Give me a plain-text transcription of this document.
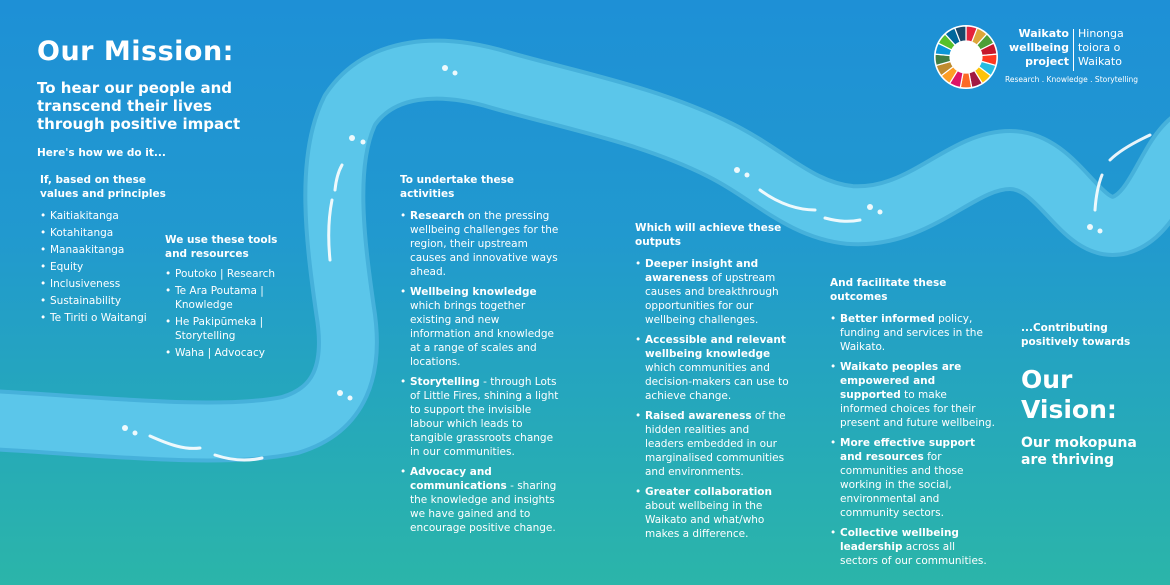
Our Mission:
To hear our people and transcend their lives through positive impact
Here's how we do it...
If, based on these values and principles
• Kaitiakitanga
• Kotahitanga
• Manaakitanga
• Equity
• Inclusiveness
• Sustainability
• Te Tiriti o Waitangi
We use these tools and resources
• Poutoko | Research
• Te Ara Poutama | Knowledge
• He Pakipūmeka | Storytelling
• Waha | Advocacy
To undertake these activities
• Research on the pressing wellbeing challenges for the region, their upstream causes and innovative ways ahead.
• Wellbeing knowledge which brings together existing and new information and knowledge at a range of scales and locations.
• Storytelling - through Lots of Little Fires, shining a light to support the invisible labour which leads to tangible grassroots change in our communities.
• Advocacy and communications - sharing the knowledge and insights we have gained and to encourage positive change.
Which will achieve these outputs
• Deeper insight and awareness of upstream causes and breakthrough opportunities for our wellbeing challenges.
• Accessible and relevant wellbeing knowledge which communities and decision-makers can use to achieve change.
• Raised awareness of the hidden realities and leaders embedded in our marginalised communities and environments.
• Greater collaboration about wellbeing in the Waikato and what/who makes a difference.
And facilitate these outcomes
• Better informed policy, funding and services in the Waikato.
• Waikato peoples are empowered and supported to make informed choices for their present and future wellbeing.
• More effective support and resources for communities and those working in the social, environmental and community sectors.
• Collective wellbeing leadership across all sectors of our communities.
...Contributing positively towards
Our Vision:
Our mokopuna are thriving
Waikato wellbeing project
Hinonga toiora o Waikato
Research . Knowledge . Storytelling
